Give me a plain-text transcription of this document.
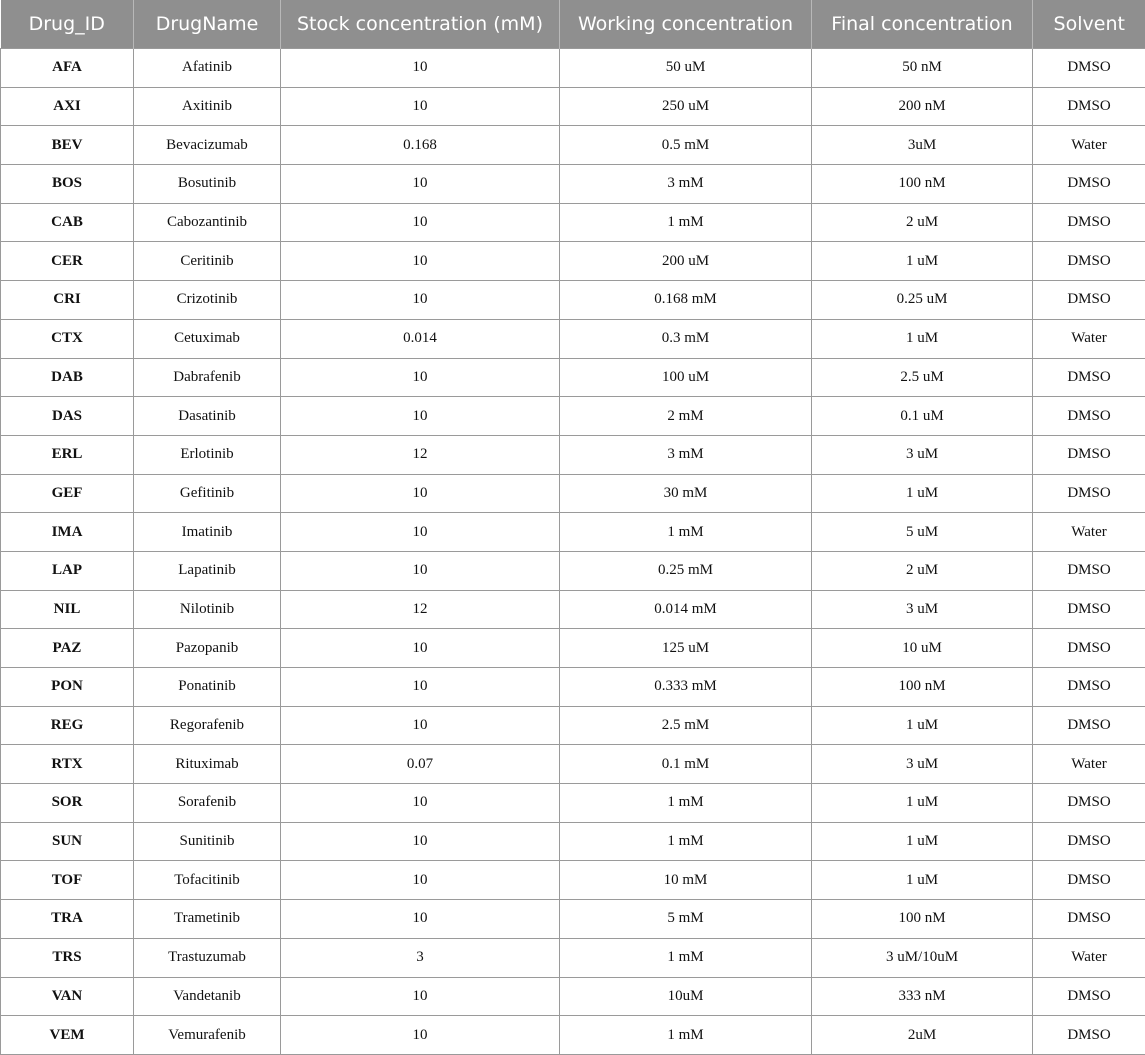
Drug_ID	DrugName	Stock concentration (mM)	Working concentration	Final concentration	Solvent
AFA	Afatinib	10	50 uM	50 nM	DMSO
AXI	Axitinib	10	250 uM	200 nM	DMSO
BEV	Bevacizumab	0.168	0.5 mM	3uM	Water
BOS	Bosutinib	10	3 mM	100 nM	DMSO
CAB	Cabozantinib	10	1 mM	2 uM	DMSO
CER	Ceritinib	10	200 uM	1 uM	DMSO
CRI	Crizotinib	10	0.168 mM	0.25 uM	DMSO
CTX	Cetuximab	0.014	0.3 mM	1 uM	Water
DAB	Dabrafenib	10	100 uM	2.5 uM	DMSO
DAS	Dasatinib	10	2 mM	0.1 uM	DMSO
ERL	Erlotinib	12	3 mM	3 uM	DMSO
GEF	Gefitinib	10	30 mM	1 uM	DMSO
IMA	Imatinib	10	1 mM	5 uM	Water
LAP	Lapatinib	10	0.25 mM	2 uM	DMSO
NIL	Nilotinib	12	0.014 mM	3 uM	DMSO
PAZ	Pazopanib	10	125 uM	10 uM	DMSO
PON	Ponatinib	10	0.333 mM	100 nM	DMSO
REG	Regorafenib	10	2.5 mM	1 uM	DMSO
RTX	Rituximab	0.07	0.1 mM	3 uM	Water
SOR	Sorafenib	10	1 mM	1 uM	DMSO
SUN	Sunitinib	10	1 mM	1 uM	DMSO
TOF	Tofacitinib	10	10 mM	1 uM	DMSO
TRA	Trametinib	10	5 mM	100 nM	DMSO
TRS	Trastuzumab	3	1 mM	3 uM/10uM	Water
VAN	Vandetanib	10	10uM	333 nM	DMSO
VEM	Vemurafenib	10	1 mM	2uM	DMSO
